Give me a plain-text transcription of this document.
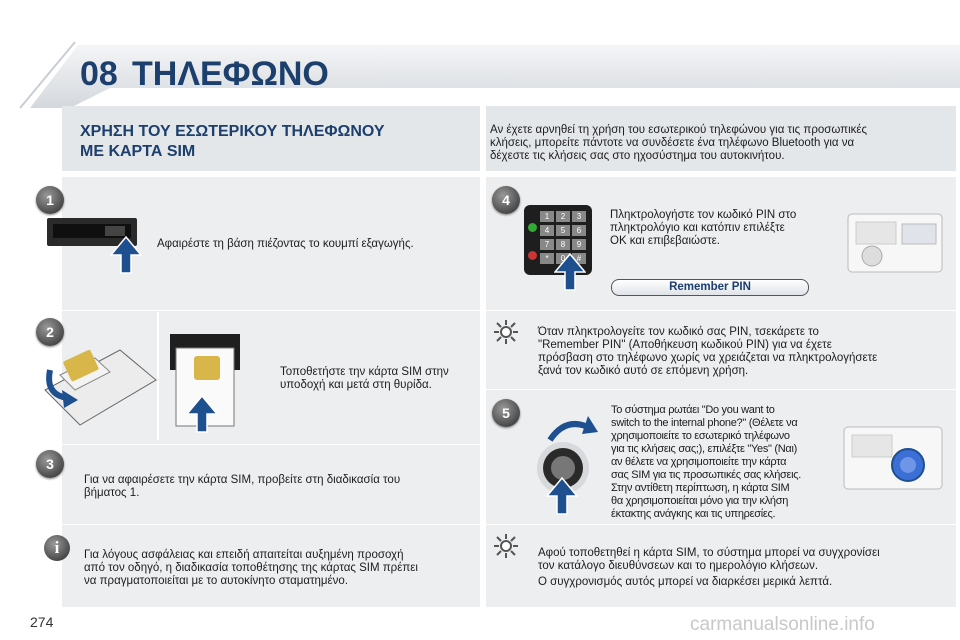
08 ΤΗΛΕΦΩΝΟ
ΧΡΗΣΗ ΤΟΥ ΕΣΩΤΕΡΙΚΟΥ ΤΗΛΕΦΩΝΟΥ
ΜΕ ΚΑΡΤΑ SIM
Αν έχετε αρνηθεί τη χρήση του εσωτερικού τηλεφώνου για τις προσωπικές
κλήσεις, μπορείτε πάντοτε να συνδέσετε ένα τηλέφωνο Bluetooth για να
δέχεστε τις κλήσεις σας στο ηχοσύστημα του αυτοκινήτου.
1
Αφαιρέστε τη βάση πιέζοντας το κουμπί εξαγωγής.
2
Τοποθετήστε την κάρτα SIM στην
υποδοχή και μετά στη θυρίδα.
3
Για να αφαιρέσετε την κάρτα SIM, προβείτε στη διαδικασία του
βήματος 1.
i	Για λόγους ασφάλειας και επειδή απαιτείται αυξημένη προσοχή
από τον οδηγό, η διαδικασία τοποθέτησης της κάρτας SIM πρέπει
να πραγματοποιείται με το αυτοκίνητο σταματημένο.
4
1	2	3
4	5	6
7	8	9
*	0	#
Πληκτρολογήστε τον κωδικό PIN στο
πληκτρολόγιο και κατόπιν επιλέξτε
OK και επιβεβαιώστε.
Remember PIN
Όταν πληκτρολογείτε τον κωδικό σας PIN, τσεκάρετε το
"Remember PIN" (Αποθήκευση κωδικού PIN) για να έχετε
πρόσβαση στο τηλέφωνο χωρίς να χρειάζεται να πληκτρολογήσετε
ξανά τον κωδικό αυτό σε επόμενη χρήση.
5	Το σύστημα ρωτάει "Do you want to
switch to the internal phone?" (Θέλετε να
χρησιμοποιείτε το εσωτερικό τηλέφωνο
για τις κλήσεις σας;), επιλέξτε "Yes" (Ναι)
αν θέλετε να χρησιμοποιείτε την κάρτα
σας SIM για τις προσωπικές σας κλήσεις.
Στην αντίθετη περίπτωση, η κάρτα SIM
θα χρησιμοποιείται μόνο για την κλήση
έκτακτης ανάγκης και τις υπηρεσίες.
Αφού τοποθετηθεί η κάρτα SIM, το σύστημα μπορεί να συγχρονίσει
τον κατάλογο διευθύνσεων και το ημερολόγιο κλήσεων.
Ο συγχρονισμός αυτός μπορεί να διαρκέσει μερικά λεπτά.
274	carmanualsonline.info
